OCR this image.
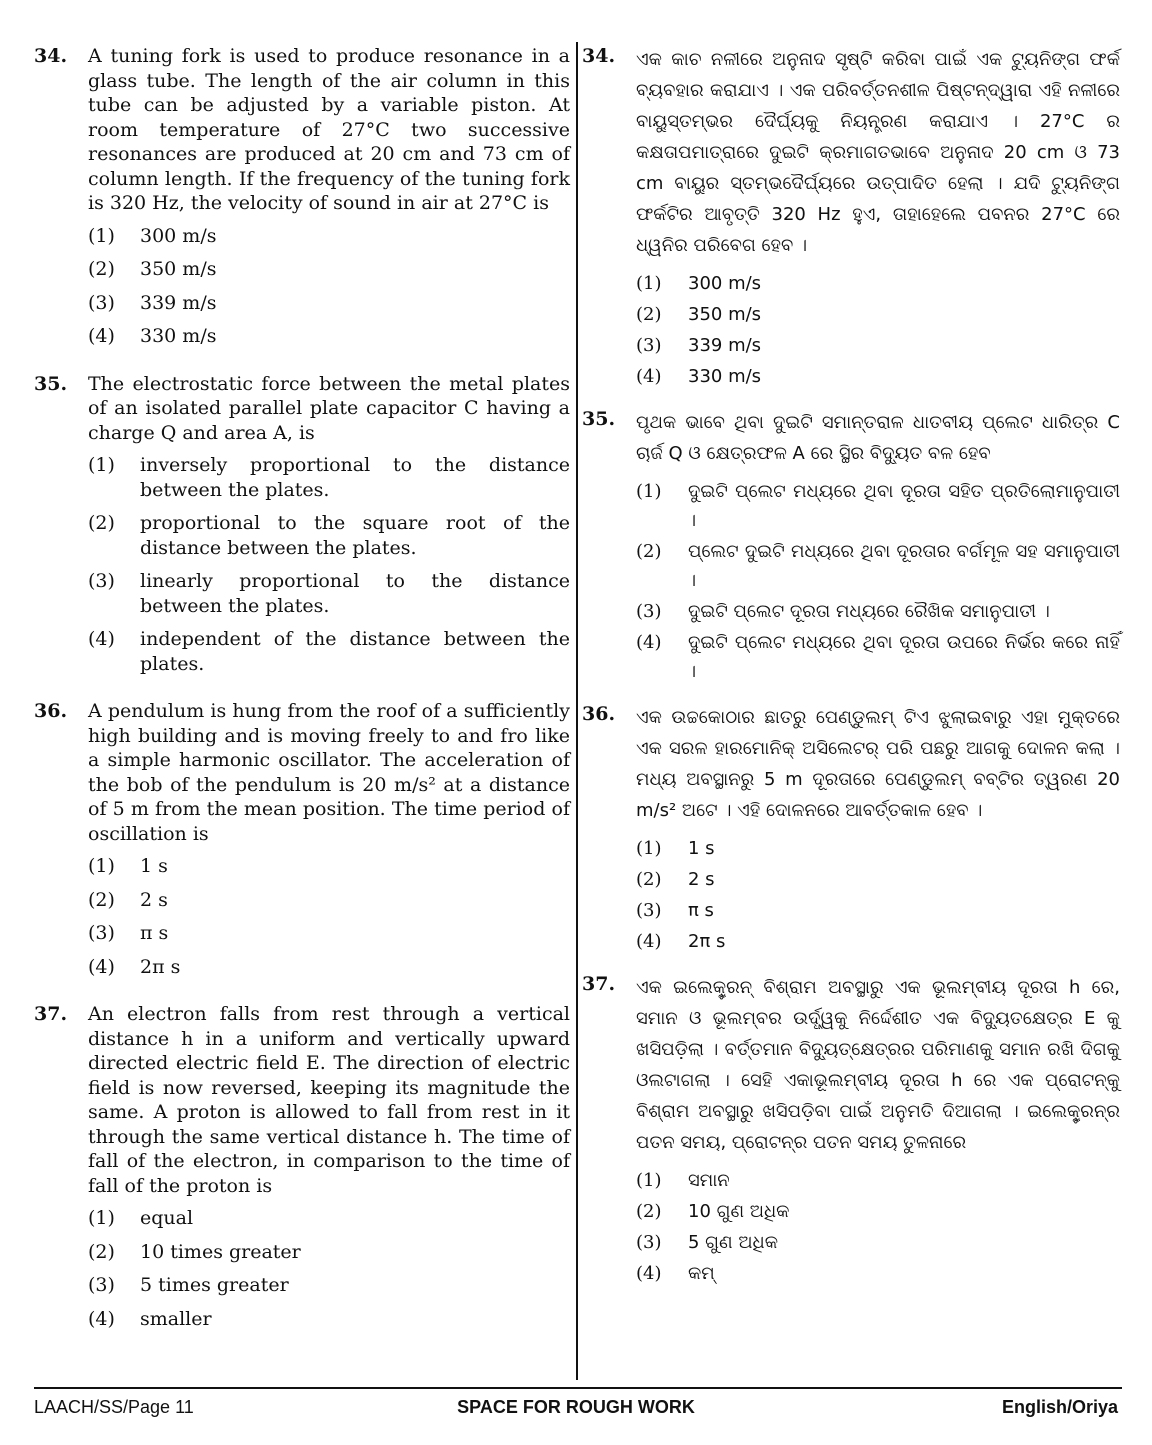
34.	A tuning fork is used to produce resonance in a glass tube. The length of the air column in this tube can be adjusted by a variable piston. At room temperature of 27°C two successive resonances are produced at 20 cm and 73 cm of column length. If the frequency of the tuning fork is 320 Hz, the velocity of sound in air at 27°C is

(1)	300 m/s
(2)	350 m/s
(3)	339 m/s
(4)	330 m/s
35.	The electrostatic force between the metal plates of an isolated parallel plate capacitor C having a charge Q and area A, is

(1)	inversely proportional to the distance between the plates.
(2)	proportional to the square root of the distance between the plates.
(3)	linearly proportional to the distance between the plates.
(4)	independent of the distance between the plates.
36.	A pendulum is hung from the roof of a sufficiently high building and is moving freely to and fro like a simple harmonic oscillator. The acceleration of the bob of the pendulum is 20 m/s² at a distance of 5 m from the mean position. The time period of oscillation is

(1)	1 s
(2)	2 s
(3)	π s
(4)	2π s
37.	An electron falls from rest through a vertical distance h in a uniform and vertically upward directed electric field E. The direction of electric field is now reversed, keeping its magnitude the same. A proton is allowed to fall from rest in it through the same vertical distance h. The time of fall of the electron, in comparison to the time of fall of the proton is

(1)	equal
(2)	10 times greater
(3)	5 times greater
(4)	smaller
34.	ଏକ କାଚ ନଳୀରେ ଅନୁନାଦ ସୃଷ୍ଟି କରିବା ପାଇଁ ଏକ ଟ୍ୟୁନିଙ୍ଗ ଫର୍କ ବ୍ୟବହାର କରାଯାଏ । ଏକ ପରିବର୍ତ୍ତନଶୀଳ ପିଷ୍ଟନ୍‌ଦ୍ୱାରା ଏହି ନଳୀରେ ବାୟୁସ୍ତମ୍ଭର ଦୈର୍ଘ୍ୟକୁ ନିୟନ୍ତ୍ରଣ କରାଯାଏ । 27°C ର କକ୍ଷତାପମାତ୍ରାରେ ଦୁଇଟି କ୍ରମାଗତଭାବେ ଅନୁନାଦ 20 cm ଓ 73 cm ବାୟୁର ସ୍ତମ୍ଭଦୈର୍ଘ୍ୟରେ ଉତ୍ପାଦିତ ହେଲା । ଯଦି ଟ୍ୟୁନିଙ୍ଗ ଫର୍କଟିର ଆବୃତ୍ତି 320 Hz ହୁଏ, ତାହାହେଲେ ପବନର 27°C ରେ ଧ୍ୱନିର ପରିବେଗ ହେବ ।

(1)	300 m/s
(2)	350 m/s
(3)	339 m/s
(4)	330 m/s
35.	ପୃଥକ ଭାବେ ଥିବା ଦୁଇଟି ସମାନ୍ତରାଳ ଧାତବୀୟ ପ୍ଲେଟ ଧାରିତ୍ର C ଚାର୍ଜ Q ଓ କ୍ଷେତ୍ରଫଳ A ରେ ସ୍ଥିର ବିଦ୍ୟୁତ ବଳ ହେବ

(1)	ଦୁଇଟି ପ୍ଲେଟ ମଧ୍ୟରେ ଥିବା ଦୂରତା ସହିତ ପ୍ରତିଲୋମାନୁପାତୀ ।
(2)	ପ୍ଲେଟ ଦୁଇଟି ମଧ୍ୟରେ ଥିବା ଦୂରତାର ବର୍ଗମୂଳ ସହ ସମାନୁପାତୀ ।
(3)	ଦୁଇଟି ପ୍ଲେଟ ଦୂରତା ମଧ୍ୟରେ ରୈଖିକ ସମାନୁପାତୀ ।
(4)	ଦୁଇଟି ପ୍ଲେଟ ମଧ୍ୟରେ ଥିବା ଦୂରତା ଉପରେ ନିର୍ଭର କରେ ନାହିଁ ।
36.	ଏକ ଉଚ୍ଚକୋଠାର ଛାତରୁ ପେଣ୍ଡୁଲମ୍ ଟିଏ ଝୁଲାଇବାରୁ ଏହା ମୁକ୍ତରେ ଏକ ସରଳ ହାରମୋନିକ୍ ଅସିଲେଟର୍ ପରି ପଛରୁ ଆଗକୁ ଦୋଳନ କଲା । ମଧ୍ୟ ଅବସ୍ଥାନରୁ 5 m ଦୂରତାରେ ପେଣ୍ଡୁଲମ୍ ବବ୍‌ଟିର ତ୍ୱରଣ 20 m/s² ଅଟେ । ଏହି ଦୋଳନରେ ଆବର୍ତ୍ତକାଳ ହେବ ।

(1)	1 s
(2)	2 s
(3)	π s
(4)	2π s
37.	ଏକ ଇଲେକ୍ଟ୍ରନ୍ ବିଶ୍ରାମ ଅବସ୍ଥାରୁ ଏକ ଭୂଲମ୍ବୀୟ ଦୂରତା h ରେ, ସମାନ ଓ ଭୂଲମ୍ବର ଉର୍ଦ୍ଧ୍ୱକୁ ନିର୍ଦ୍ଦେଶୀତ ଏକ ବିଦ୍ୟୁତକ୍ଷେତ୍ର E କୁ ଖସିପଡ଼ିଲା । ବର୍ତ୍ତମାନ ବିଦ୍ୟୁତ୍‌କ୍ଷେତ୍ରର ପରିମାଣକୁ ସମାନ ରଖି ଦିଗକୁ ଓଲଟାଗଲା । ସେହି ଏକାଭୂଲମ୍ବୀୟ ଦୂରତା h ରେ ଏକ ପ୍ରୋଟନ୍‌କୁ ବିଶ୍ରାମ ଅବସ୍ଥାରୁ ଖସିପଡ଼ିବା ପାଇଁ ଅନୁମତି ଦିଆଗଲା । ଇଲେକ୍ଟ୍ରନ୍‌ର ପତନ ସମୟ, ପ୍ରୋଟନ୍‌ର ପତନ ସମୟ ତୁଳନାରେ

(1)	ସମାନ
(2)	10 ଗୁଣ ଅଧିକ
(3)	5 ଗୁଣ ଅଧିକ
(4)	କମ୍
LAACH/SS/Page 11	SPACE FOR ROUGH WORK	English/Oriya
